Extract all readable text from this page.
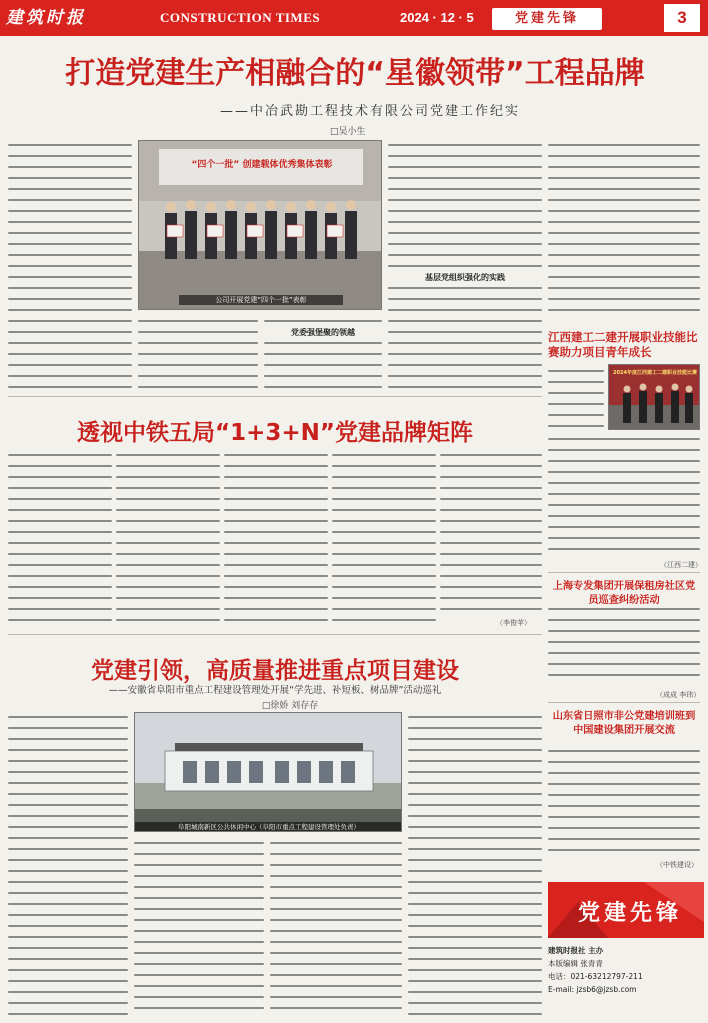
建筑时报	CONSTRUCTION TIMES	2024 · 12 · 5	党建先锋	3
打造党建生产相融合的“星徽领带”工程品牌
——中冶武勘工程技术有限公司党建工作纪实
□吴小生
“四个一批” 创建载体优秀集体表彰
公司开展党建“四个一批”表彰
党委强堡聚的领越
基层党组织强化的实践
江西建工二建开展职业技能比赛助力项目青年成长
2024年度江西建工二建职业技能比赛
（江西二建）
透视中铁五局“1+3+N”党建品牌矩阵
（李俊苹）
上海专发集团开展保租房社区党员巡查纠纷活动
（成成 李玮）
党建引领，高质量推进重点项目建设
——安徽省阜阳市重点工程建设管理处开展“学先进、补短板、树品牌”活动巡礼
□徐娇 刘存存
阜阳城南新区公共休闲中心（阜阳市重点工程建设管理处负责）
山东省日照市非公党建培训班到中国建设集团开展交流
（中铁建设）
党建先锋
建筑时报社 主办
本版编辑 张青青
电话：021-63212797-211
E-mail: jzsb6@jzsb.com
